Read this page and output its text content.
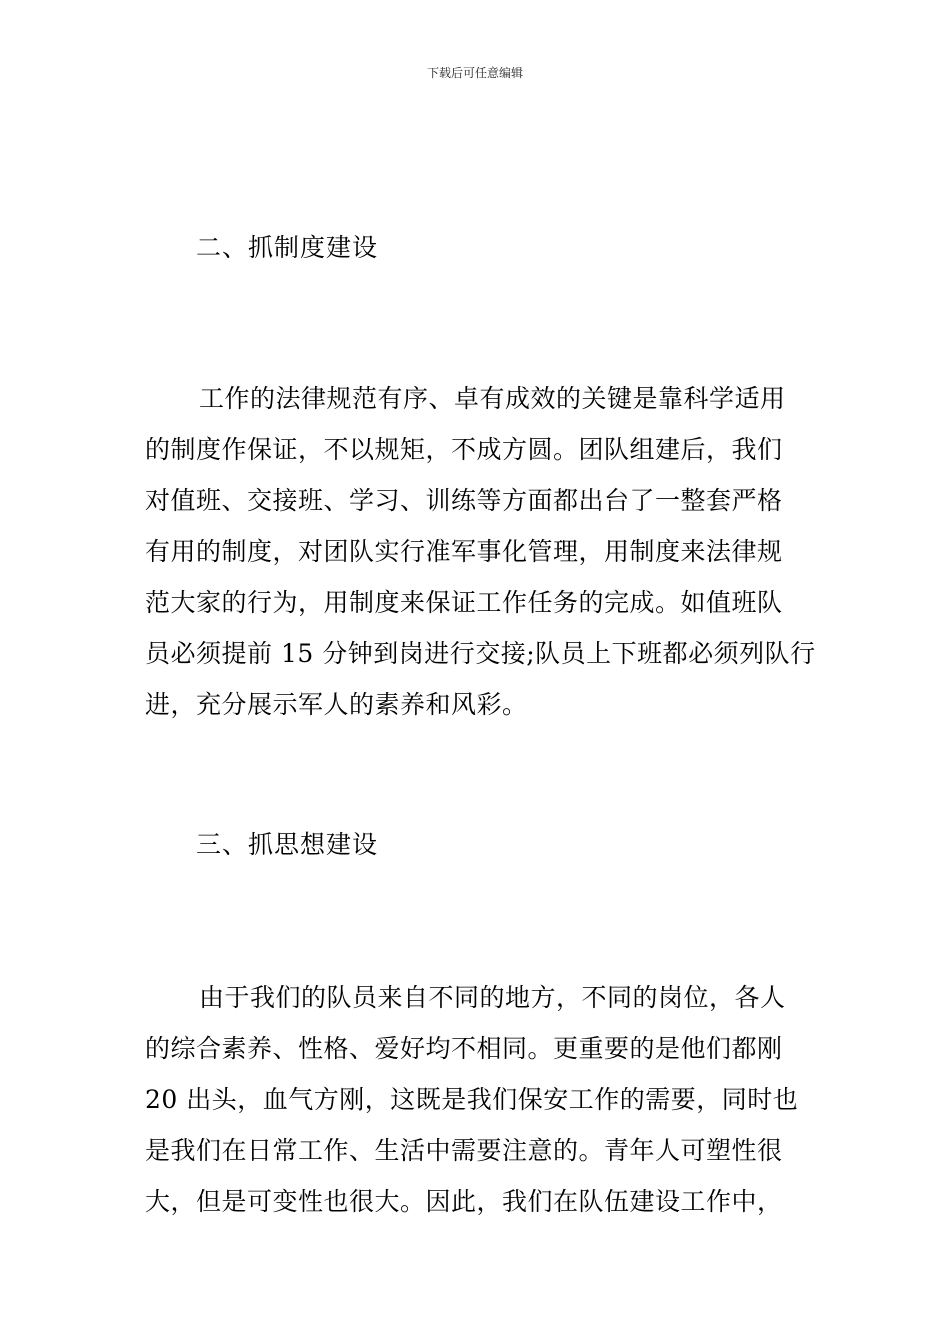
下载后可任意编辑
二、抓制度建设
工作的法律规范有序、卓有成效的关键是靠科学适用
的制度作保证，不以规矩，不成方圆。团队组建后，我们
对值班、交接班、学习、训练等方面都出台了一整套严格
有用的制度，对团队实行准军事化管理，用制度来法律规
范大家的行为，用制度来保证工作任务的完成。如值班队
员必须提前 15 分钟到岗进行交接;队员上下班都必须列队行
进，充分展示军人的素养和风彩。
三、抓思想建设
由于我们的队员来自不同的地方，不同的岗位，各人
的综合素养、性格、爱好均不相同。更重要的是他们都刚
20 出头，血气方刚，这既是我们保安工作的需要，同时也
是我们在日常工作、生活中需要注意的。青年人可塑性很
大，但是可变性也很大。因此，我们在队伍建设工作中，
